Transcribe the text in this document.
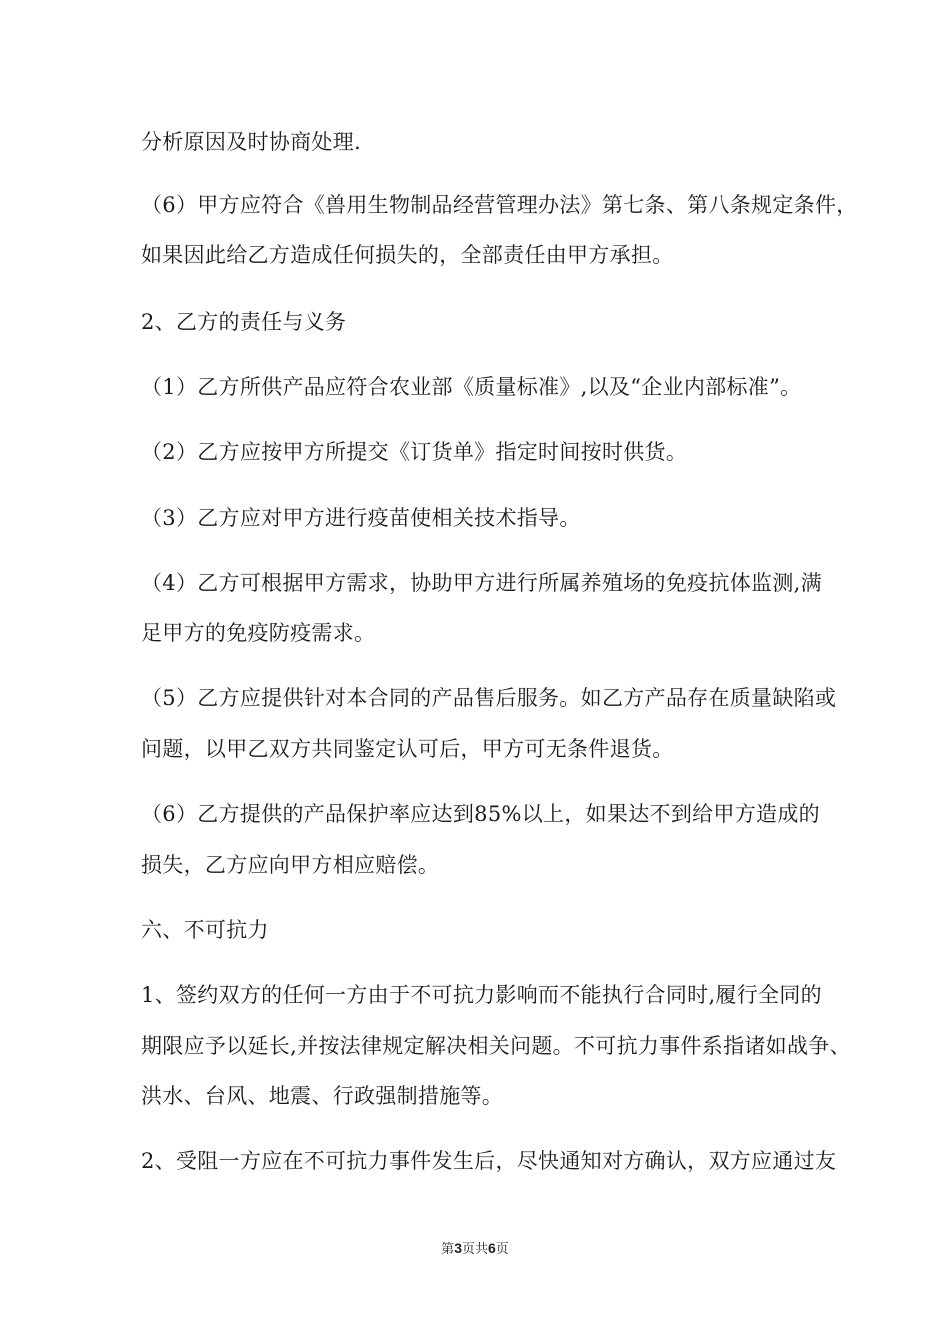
分析原因及时协商处理.
（6）甲方应符合《兽用生物制品经营管理办法》第七条、第八条规定条件，
如果因此给乙方造成任何损失的，全部责任由甲方承担。
2、乙方的责任与义务
（1）乙方所供产品应符合农业部《质量标准》,以及“企业内部标准”。
（2）乙方应按甲方所提交《订货单》指定时间按时供货。
（3）乙方应对甲方进行疫苗使相关技术指导。
（4）乙方可根据甲方需求，协助甲方进行所属养殖场的免疫抗体监测,满
足甲方的免疫防疫需求。
（5）乙方应提供针对本合同的产品售后服务。如乙方产品存在质量缺陷或
问题，以甲乙双方共同鉴定认可后，甲方可无条件退货。
（6）乙方提供的产品保护率应达到85%以上，如果达不到给甲方造成的
损失，乙方应向甲方相应赔偿。
六、不可抗力
1、签约双方的任何一方由于不可抗力影响而不能执行合同时,履行全同的
期限应予以延长,并按法律规定解决相关问题。不可抗力事件系指诸如战争、
洪水、台风、地震、行政强制措施等。
2、受阻一方应在不可抗力事件发生后，尽快通知对方确认，双方应通过友
第3页共6页
